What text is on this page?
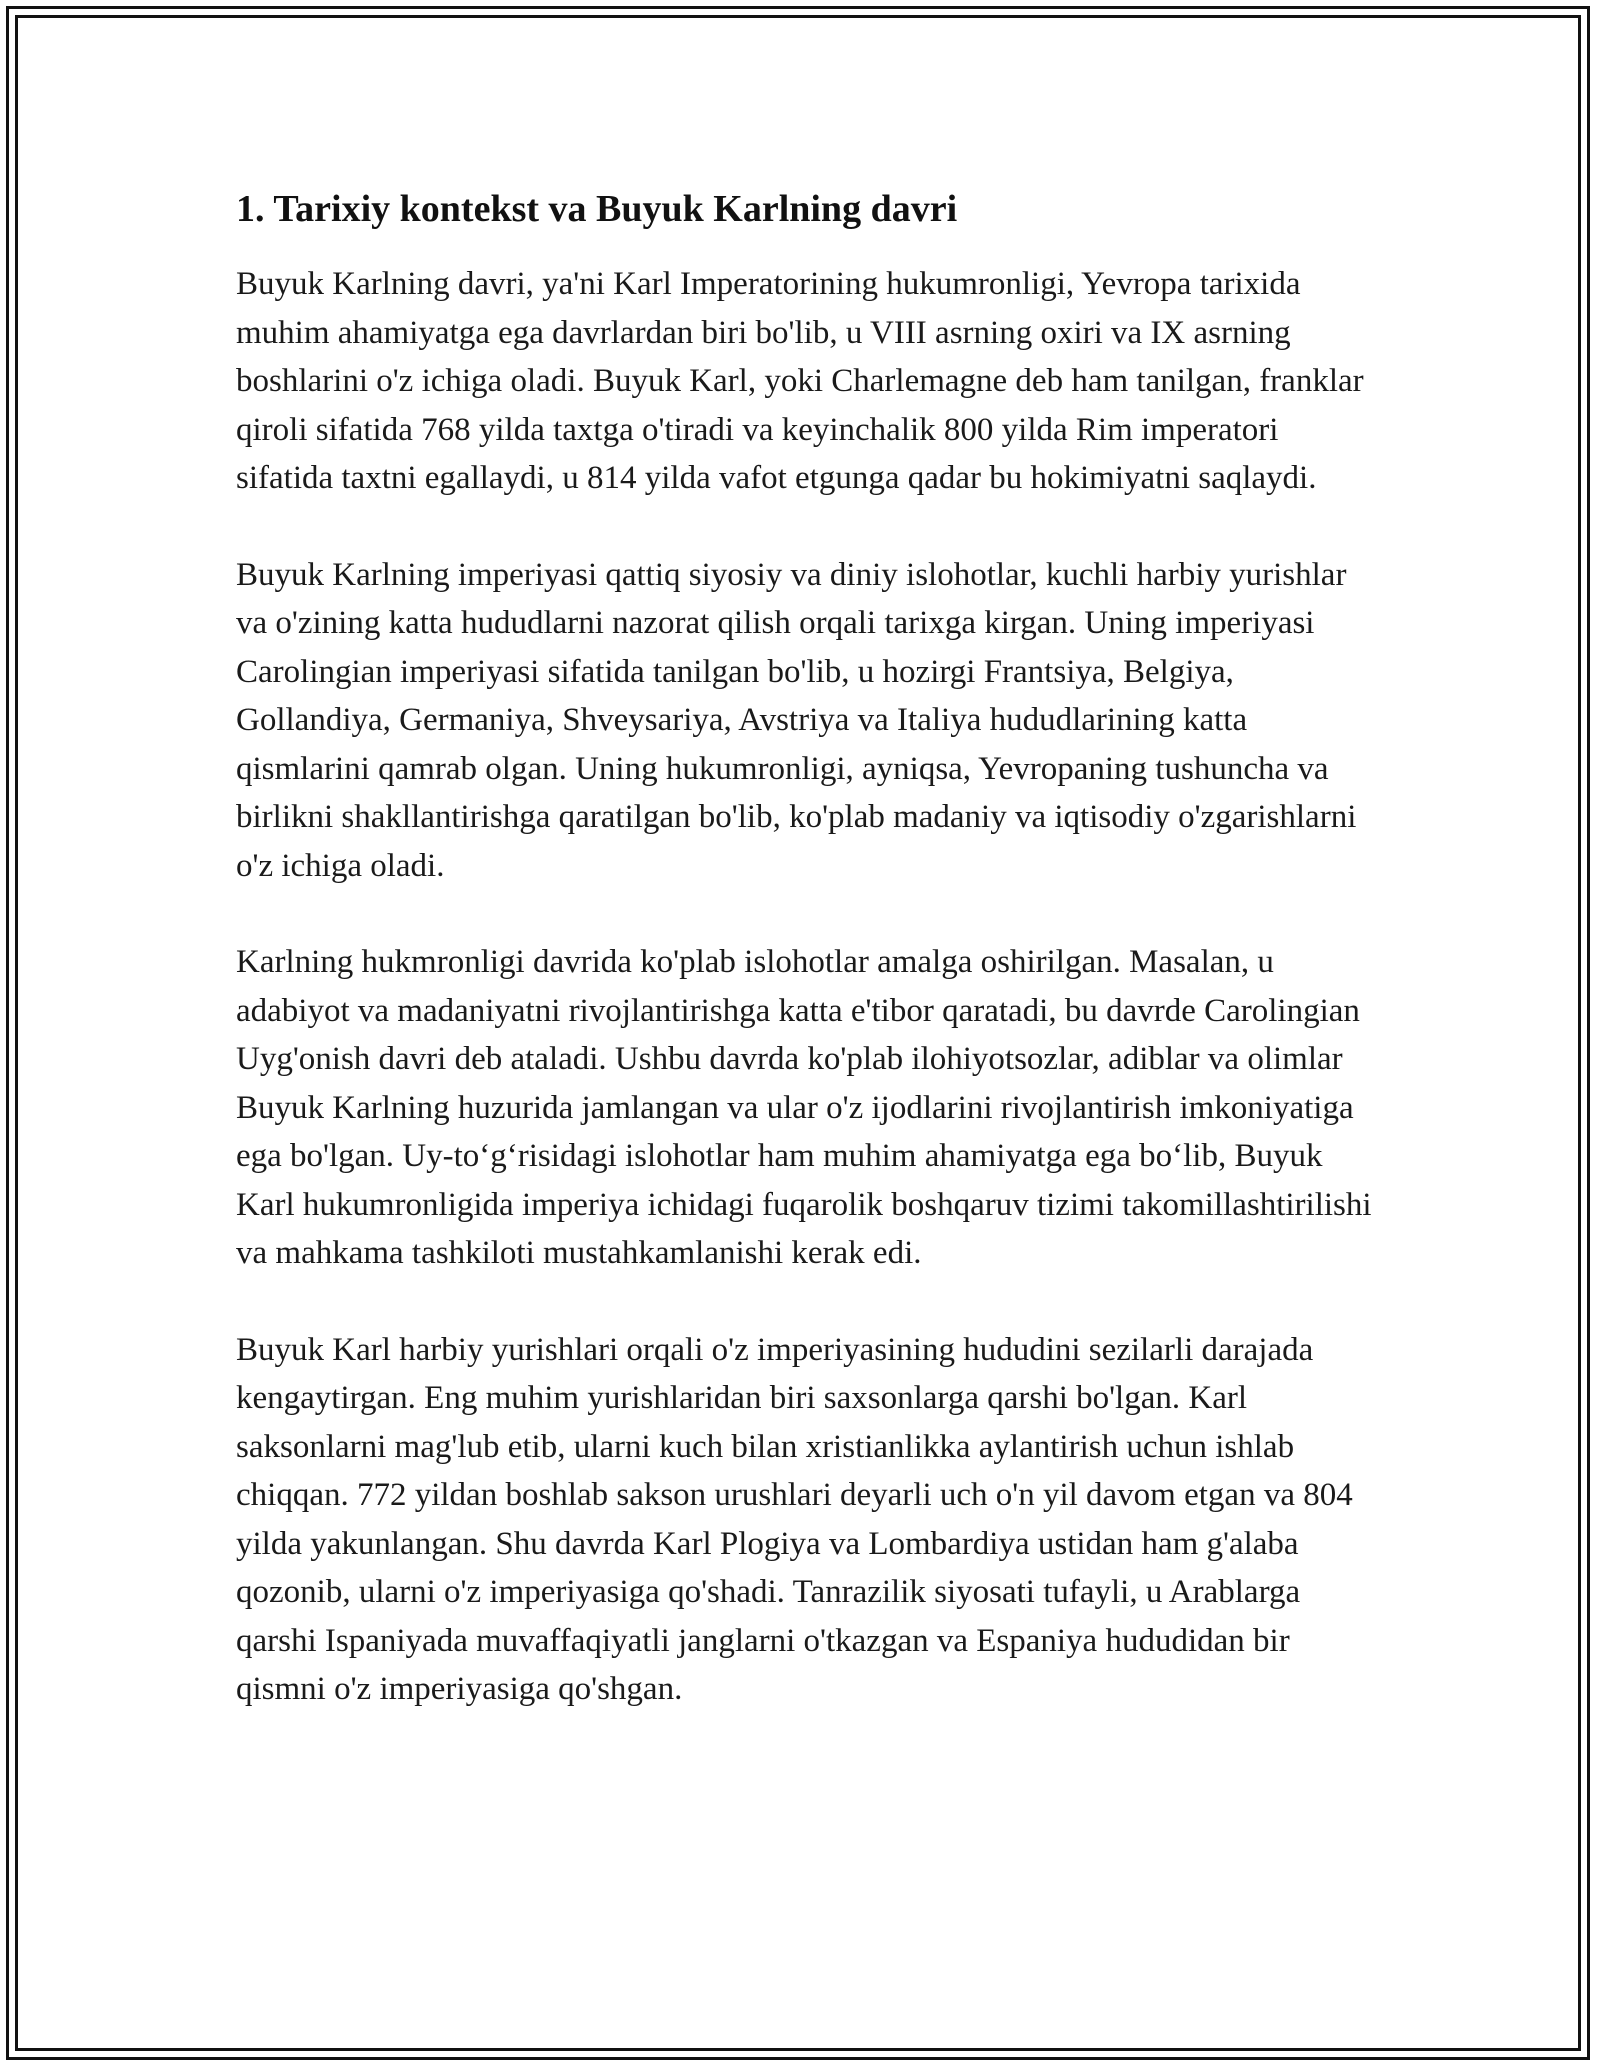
1. Tarixiy kontekst va Buyuk Karlning davri

Buyuk Karlning davri, ya'ni Karl Imperatorining hukumronligi, Yevropa tarixida muhim ahamiyatga ega davrlardan biri bo'lib, u VIII asrning oxiri va IX asrning boshlarini o'z ichiga oladi. Buyuk Karl, yoki Charlemagne deb ham tanilgan, franklar qiroli sifatida 768 yilda taxtga o'tiradi va keyinchalik 800 yilda Rim imperatori sifatida taxtni egallaydi, u 814 yilda vafot etgunga qadar bu hokimiyatni saqlaydi.

Buyuk Karlning imperiyasi qattiq siyosiy va diniy islohotlar, kuchli harbiy yurishlar va o'zining katta hududlarni nazorat qilish orqali tarixga kirgan. Uning imperiyasi Carolingian imperiyasi sifatida tanilgan bo'lib, u hozirgi Frantsiya, Belgiya, Gollandiya, Germaniya, Shveysariya, Avstriya va Italiya hududlarining katta qismlarini qamrab olgan. Uning hukumronligi, ayniqsa, Yevropaning tushuncha va birlikni shakllantirishga qaratilgan bo'lib, ko'plab madaniy va iqtisodiy o'zgarishlarni o'z ichiga oladi.

Karlning hukmronligi davrida ko'plab islohotlar amalga oshirilgan. Masalan, u adabiyot va madaniyatni rivojlantirishga katta e'tibor qaratadi, bu davrde Carolingian Uyg'onish davri deb ataladi. Ushbu davrda ko'plab ilohiyotsozlar, adiblar va olimlar Buyuk Karlning huzurida jamlangan va ular o'z ijodlarini rivojlantirish imkoniyatiga ega bo'lgan. Uy-to‘g‘risidagi islohotlar ham muhim ahamiyatga ega bo‘lib, Buyuk Karl hukumronligida imperiya ichidagi fuqarolik boshqaruv tizimi takomillashtirilishi va mahkama tashkiloti mustahkamlanishi kerak edi.

Buyuk Karl harbiy yurishlari orqali o'z imperiyasining hududini sezilarli darajada kengaytirgan. Eng muhim yurishlaridan biri saxsonlarga qarshi bo'lgan. Karl saksonlarni mag'lub etib, ularni kuch bilan xristianlikka aylantirish uchun ishlab chiqqan. 772 yildan boshlab sakson urushlari deyarli uch o'n yil davom etgan va 804 yilda yakunlangan. Shu davrda Karl Plogiya va Lombardiya ustidan ham g'alaba qozonib, ularni o'z imperiyasiga qo'shadi. Tanrazilik siyosati tufayli, u Arablarga qarshi Ispaniyada muvaffaqiyatli janglarni o'tkazgan va Espaniya hududidan bir qismni o'z imperiyasiga qo'shgan.
